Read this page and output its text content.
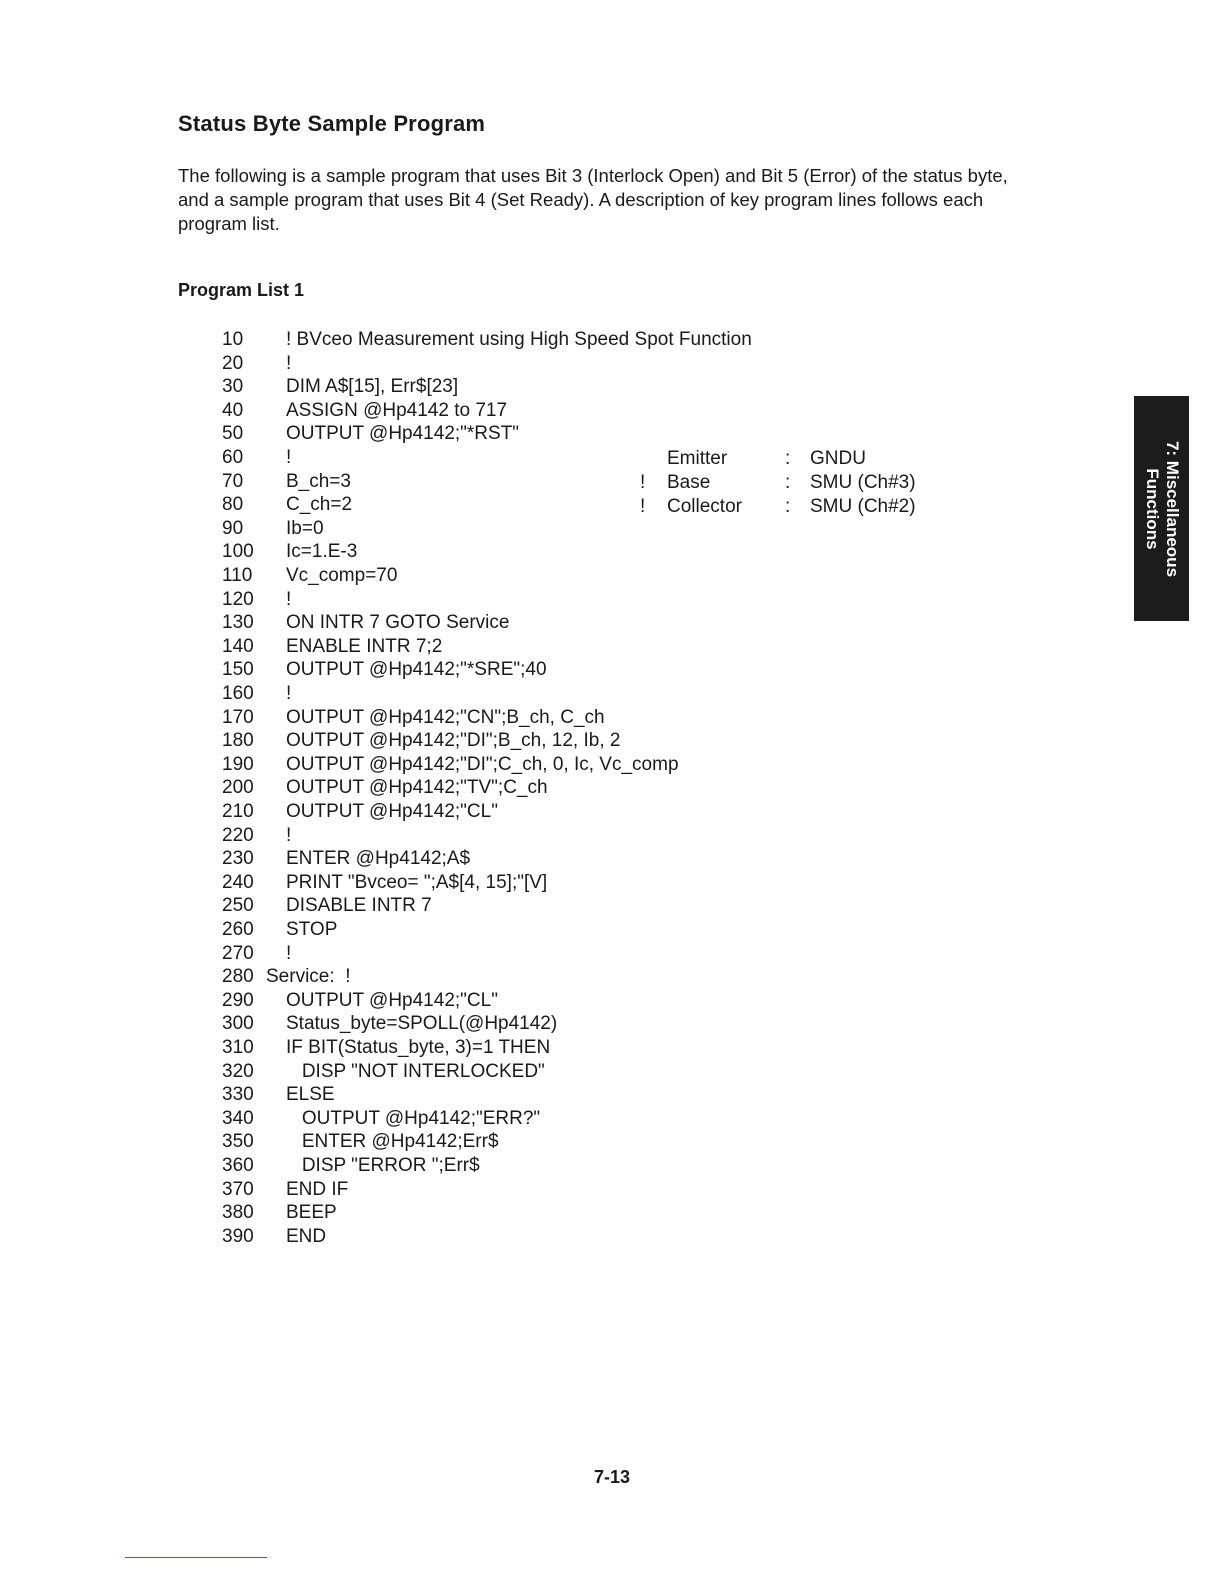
Status Byte Sample Program
The following is a sample program that uses Bit 3 (Interlock Open) and Bit 5 (Error) of the status byte, and a sample program that uses Bit 4 (Set Ready). A description of key program lines follows each program list.
Program List 1
10	! BVceo Measurement using High Speed Spot Function
20	!
30	DIM A$[15], Err$[23]
40	ASSIGN @Hp4142 to 717
50	OUTPUT @Hp4142;"*RST"
60	!
70	B_ch=3
80	C_ch=2
90	Ib=0
100	Ic=1.E-3
110	Vc_comp=70
120	!
130	ON INTR 7 GOTO Service
140	ENABLE INTR 7;2
150	OUTPUT @Hp4142;"*SRE";40
160	!
170	OUTPUT @Hp4142;"CN";B_ch, C_ch
180	OUTPUT @Hp4142;"DI";B_ch, 12, Ib, 2
190	OUTPUT @Hp4142;"DI";C_ch, 0, Ic, Vc_comp
200	OUTPUT @Hp4142;"TV";C_ch
210	OUTPUT @Hp4142;"CL"
220	!
230	ENTER @Hp4142;A$
240	PRINT "Bvceo= ";A$[4, 15];"[V]
250	DISABLE INTR 7
260	STOP
270	!
280 Service:  !
290	OUTPUT @Hp4142;"CL"
300	Status_byte=SPOLL(@Hp4142)
310	IF BIT(Status_byte, 3)=1 THEN
320	DISP "NOT INTERLOCKED"
330	ELSE
340	OUTPUT @Hp4142;"ERR?"
350	ENTER @Hp4142;Err$
360	DISP "ERROR ";Err$
370	END IF
380	BEEP
390	END
Emitter	: GNDU
! Base	: SMU (Ch#3)
! Collector : SMU (Ch#2)	7: Miscellaneous
Functions
7-13
